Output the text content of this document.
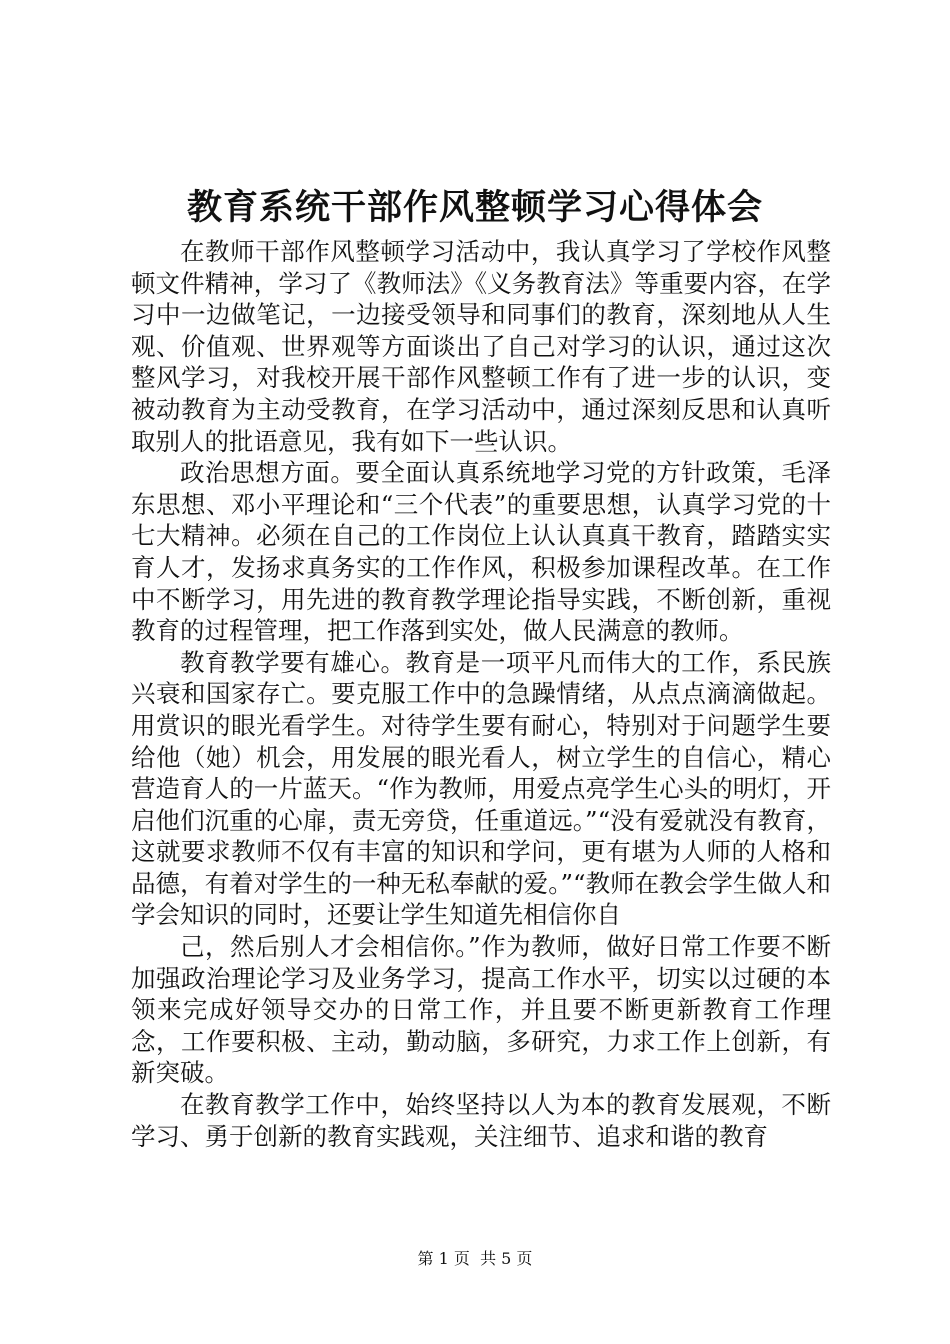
教育系统干部作风整顿学习心得体会

在教师干部作风整顿学习活动中，我认真学习了学校作风整顿文件精神，学习了《教师法》《义务教育法》等重要内容，在学习中一边做笔记，一边接受领导和同事们的教育，深刻地从人生观、价值观、世界观等方面谈出了自己对学习的认识，通过这次整风学习，对我校开展干部作风整顿工作有了进一步的认识，变被动教育为主动受教育，在学习活动中，通过深刻反思和认真听取别人的批语意见，我有如下一些认识。

政治思想方面。要全面认真系统地学习党的方针政策，毛泽东思想、邓小平理论和“三个代表”的重要思想，认真学习党的十七大精神。必须在自己的工作岗位上认认真真干教育，踏踏实实育人才，发扬求真务实的工作作风，积极参加课程改革。在工作中不断学习，用先进的教育教学理论指导实践，不断创新，重视教育的过程管理，把工作落到实处，做人民满意的教师。

教育教学要有雄心。教育是一项平凡而伟大的工作，系民族兴衰和国家存亡。要克服工作中的急躁情绪，从点点滴滴做起。用赏识的眼光看学生。对待学生要有耐心，特别对于问题学生要给他（她）机会，用发展的眼光看人，树立学生的自信心，精心营造育人的一片蓝天。“作为教师，用爱点亮学生心头的明灯，开启他们沉重的心扉，责无旁贷，任重道远。”“没有爱就没有教育，这就要求教师不仅有丰富的知识和学问，更有堪为人师的人格和品德，有着对学生的一种无私奉献的爱。”“教师在教会学生做人和学会知识的同时，还要让学生知道先相信你自

己，然后别人才会相信你。”作为教师，做好日常工作要不断加强政治理论学习及业务学习，提高工作水平，切实以过硬的本领来完成好领导交办的日常工作，并且要不断更新教育工作理念，工作要积极、主动，勤动脑，多研究，力求工作上创新，有新突破。

在教育教学工作中，始终坚持以人为本的教育发展观，不断学习、勇于创新的教育实践观，关注细节、追求和谐的教育

第 1 页  共 5 页
